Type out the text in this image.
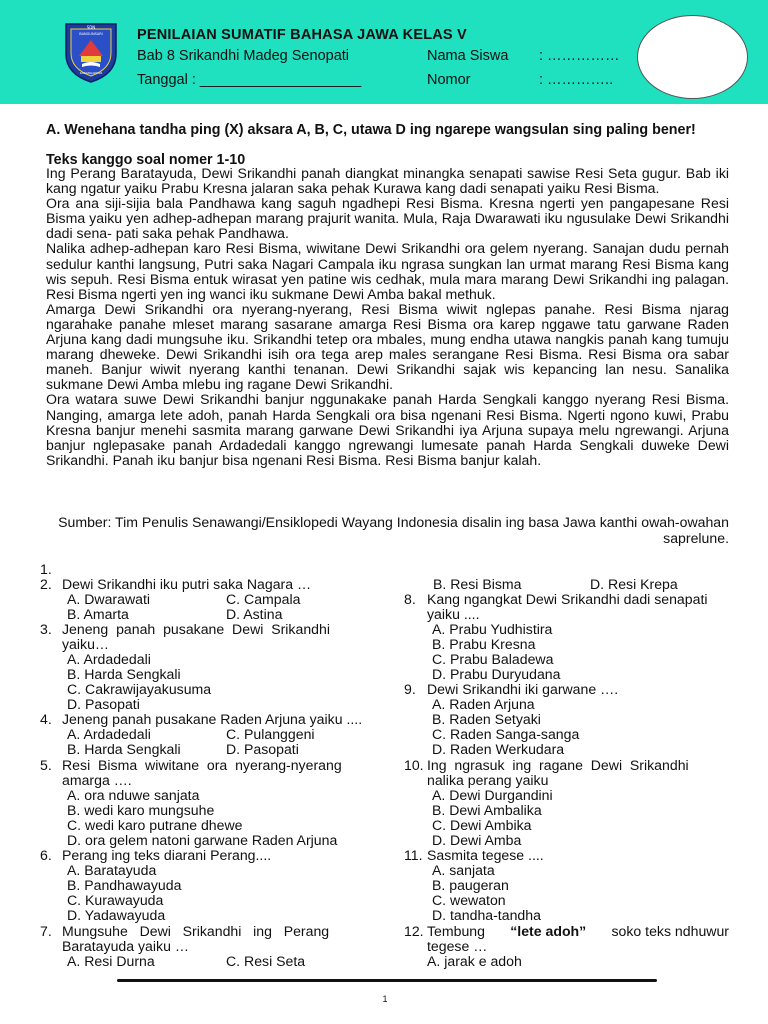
SDN
BANGUNSARI
KARANGANYAR
PENILAIAN SUMATIF BAHASA JAWA KELAS V
Bab 8 Srikandhi Madeg Senopati
Tanggal : ____________________
Nama Siswa : ……………
Nomor	: …………..
A. Wenehana tandha ping (X) aksara A, B, C, utawa D ing ngarepe wangsulan sing paling bener!
Teks kanggo soal nomer 1-10

Ing Perang Baratayuda, Dewi Srikandhi panah diangkat minangka senapati sawise Resi Seta gugur. Bab iki kang ngatur yaiku Prabu Kresna jalaran saka pehak Kurawa kang dadi senapati yaiku Resi Bisma.

Ora ana siji-sijia bala Pandhawa kang saguh ngadhepi Resi Bisma. Kresna ngerti yen pangapesane Resi Bisma yaiku yen adhep-adhepan marang prajurit wanita. Mula, Raja Dwarawati iku ngusulake Dewi Srikandhi dadi sena- pati saka pehak Pandhawa.

Nalika adhep-adhepan karo Resi Bisma, wiwitane Dewi Srikandhi ora gelem nyerang. Sanajan dudu pernah sedulur kanthi langsung, Putri saka Nagari Campala iku ngrasa sungkan lan urmat marang Resi Bisma kang wis sepuh. Resi Bisma entuk wirasat yen patine wis cedhak, mula mara marang Dewi Srikandhi ing palagan. Resi Bisma ngerti yen ing wanci iku sukmane Dewi Amba bakal methuk.

Amarga Dewi Srikandhi ora nyerang-nyerang, Resi Bisma wiwit nglepas panahe. Resi Bisma njarag ngarahake panahe mleset marang sasarane amarga Resi Bisma ora karep nggawe tatu garwane Raden Arjuna kang dadi mungsuhe iku. Srikandhi tetep ora mbales, mung endha utawa nangkis panah kang tumuju marang dheweke. Dewi Srikandhi isih ora tega arep males serangane Resi Bisma. Resi Bisma ora sabar maneh. Banjur wiwit nyerang kanthi tenanan. Dewi Srikandhi sajak wis kepancing lan nesu. Sanalika sukmane Dewi Amba mlebu ing ragane Dewi Srikandhi.

Ora watara suwe Dewi Srikandhi banjur nggunakake panah Harda Sengkali kanggo nyerang Resi Bisma. Nanging, amarga lete adoh, panah Harda Sengkali ora bisa ngenani Resi Bisma. Ngerti ngono kuwi, Prabu Kresna banjur menehi sasmita marang garwane Dewi Srikandhi iya Arjuna supaya melu ngrewangi. Arjuna banjur nglepasake panah Ardadedali kanggo ngrewangi lumesate panah Harda Sengkali duweke Dewi Srikandhi. Panah iku banjur bisa ngenani Resi Bisma. Resi Bisma banjur kalah.

Sumber: Tim Penulis Senawangi/Ensiklopedi Wayang Indonesia disalin ing basa Jawa kanthi owah-owahan saprelune.
1.
2. Dewi Srikandhi iku putri saka Nagara …
A. Dwarawati	C. Campala
B. Amarta	D. Astina
3. Jeneng  panah  pusakane  Dewi  Srikandhi
yaiku…
A. Ardadedali
B. Harda Sengkali
C. Cakrawijayakusuma
D. Pasopati
4. Jeneng panah pusakane Raden Arjuna yaiku ....
A. Ardadedali	C. Pulanggeni
B. Harda Sengkali	D. Pasopati
5. Resi  Bisma  wiwitane  ora  nyerang-nyerang
amarga ….
A. ora nduwe sanjata
B. wedi karo mungsuhe
C. wedi karo putrane dhewe
D. ora gelem natoni garwane Raden Arjuna
6. Perang ing teks diarani Perang....
A. Baratayuda
B. Pandhawayuda
C. Kurawayuda
D. Yadawayuda
7. Mungsuhe   Dewi   Srikandhi   ing   Perang
Baratayuda yaiku …
A. Resi Durna	C. Resi Seta
B. Resi Bisma	D. Resi Krepa
8. Kang ngangkat Dewi Srikandhi dadi senapati
yaiku ....
A. Prabu Yudhistira
B. Prabu Kresna
C. Prabu Baladewa
D. Prabu Duryudana
9. Dewi Srikandhi iki garwane ….
A. Raden Arjuna
B. Raden Setyaki
C. Raden Sanga-sanga
D. Raden Werkudara
10. Ing  ngrasuk  ing  ragane  Dewi  Srikandhi
nalika perang yaiku
A. Dewi Durgandini
B. Dewi Ambalika
C. Dewi Ambika
D. Dewi Amba
11. Sasmita tegese ....
A. sanjata
B. paugeran
C. wewaton
D. tandha-tandha
12. Tembung “lete adoh” soko teks ndhuwur
tegese …
A. jarak e adoh
1
